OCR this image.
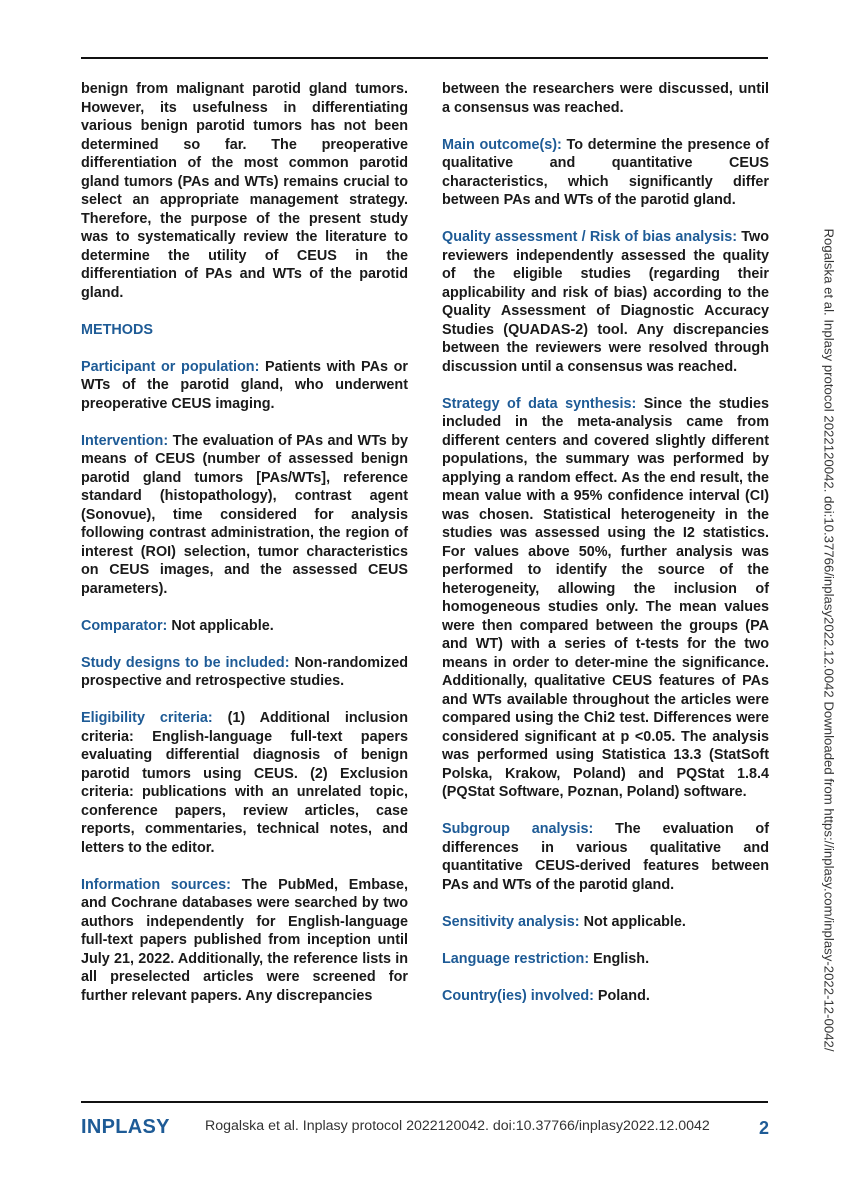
benign from malignant parotid gland tumors. However, its usefulness in differentiating various benign parotid tumors has not been determined so far. The preoperative differentiation of the most common parotid gland tumors (PAs and WTs) remains crucial to select an appropriate management strategy. Therefore, the purpose of the present study was to systematically review the literature to determine the utility of CEUS in the differentiation of PAs and WTs of the parotid gland.

METHODS

Participant or population: Patients with PAs or WTs of the parotid gland, who underwent preoperative CEUS imaging.

Intervention: The evaluation of PAs and WTs by means of CEUS (number of assessed benign parotid gland tumors [PAs/WTs], reference standard (histopathology), contrast agent (Sonovue), time considered for analysis following contrast administration, the region of interest (ROI) selection, tumor characteristics on CEUS images, and the assessed CEUS parameters).

Comparator: Not applicable.

Study designs to be included: Non-randomized prospective and retrospective studies.

Eligibility criteria: (1) Additional inclusion criteria: English-language full-text papers evaluating differential diagnosis of benign parotid tumors using CEUS. (2) Exclusion criteria: publications with an unrelated topic, conference papers, review articles, case reports, commentaries, technical notes, and letters to the editor.

Information sources: The PubMed, Embase, and Cochrane databases were searched by two authors independently for English-language full-text papers published from inception until July 21, 2022. Additionally, the reference lists in all preselected articles were screened for further relevant papers. Any discrepancies

between the researchers were discussed, until a consensus was reached.

Main outcome(s): To determine the presence of qualitative and quantitative CEUS characteristics, which significantly differ between PAs and WTs of the parotid gland.

Quality assessment / Risk of bias analysis: Two reviewers independently assessed the quality of the eligible studies (regarding their applicability and risk of bias) according to the Quality Assessment of Diagnostic Accuracy Studies (QUADAS-2) tool. Any discrepancies between the reviewers were resolved through discussion until a consensus was reached.

Strategy of data synthesis: Since the studies included in the meta-analysis came from different centers and covered slightly different populations, the summary was performed by applying a random effect. As the end result, the mean value with a 95% confidence interval (CI) was chosen. Statistical heterogeneity in the studies was assessed using the I2 statistics. For values above 50%, further analysis was performed to identify the source of the heterogeneity, allowing the inclusion of homogeneous studies only. The mean values were then compared between the groups (PA and WT) with a series of t-tests for the two means in order to deter-mine the significance. Additionally, qualitative CEUS features of PAs and WTs available throughout the articles were compared using the Chi2 test. Differences were considered significant at p <0.05. The analysis was performed using Statistica 13.3 (StatSoft Polska, Krakow, Poland) and PQStat 1.8.4 (PQStat Software, Poznan, Poland) software.

Subgroup analysis: The evaluation of differences in various qualitative and quantitative CEUS-derived features between PAs and WTs of the parotid gland.

Sensitivity analysis: Not applicable.

Language restriction: English.

Country(ies) involved: Poland.	Rogalska et al. Inplasy protocol 2022120042. doi:10.37766/inplasy2022.12.0042 Downloaded from https://inplasy.com/inplasy-2022-12-0042/
INPLASY Rogalska et al. Inplasy protocol 2022120042. doi:10.37766/inplasy2022.12.0042	2
